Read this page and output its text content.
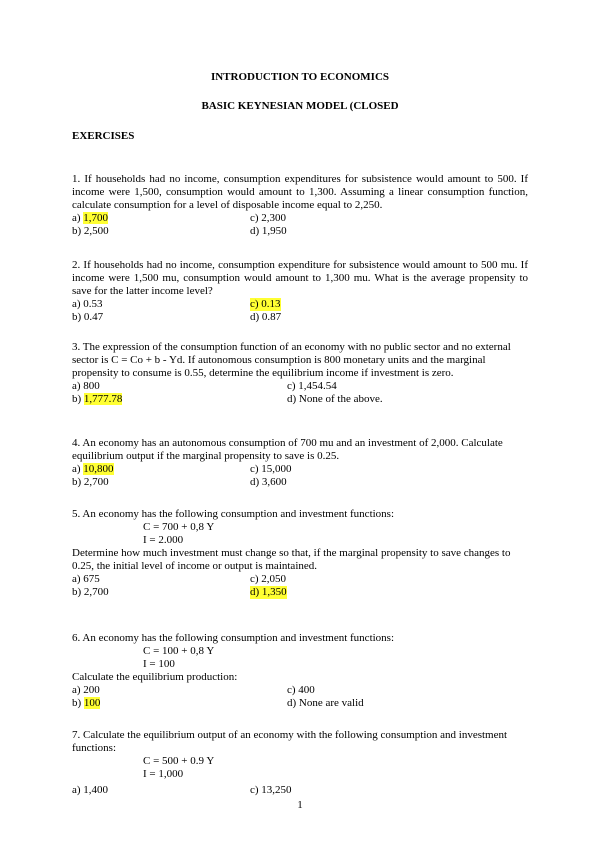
INTRODUCTION TO ECONOMICS
BASIC KEYNESIAN MODEL (CLOSED
EXERCISES

1. If households had no income, consumption expenditures for subsistence would amount to 500. If income were 1,500, consumption would amount to 1,300. Assuming a linear consumption function, calculate consumption for a level of disposable income equal to 2,250.

a) 1,700	c) 2,300
b) 2,500	d) 1,950

2. If households had no income, consumption expenditure for subsistence would amount to 500 mu. If income were 1,500 mu, consumption would amount to 1,300 mu. What is the average propensity to save for the latter income level?

a) 0.53	c) 0.13
b) 0.47	d) 0.87

3. The expression of the consumption function of an economy with no public sector and no external sector is C = Co + b - Yd. If autonomous consumption is 800 monetary units and the marginal propensity to consume is 0.55, determine the equilibrium income if investment is zero.

a) 800	c) 1,454.54
b) 1,777.78	d) None of the above.

4. An economy has an autonomous consumption of 700 mu and an investment of 2,000. Calculate equilibrium output if the marginal propensity to save is 0.25.

a) 10,800	c) 15,000
b) 2,700	d) 3,600

5. An economy has the following consumption and investment functions:

C = 700 + 0,8 Y

I = 2.000

Determine how much investment must change so that, if the marginal propensity to save changes to 0.25, the initial level of income or output is maintained.

a) 675	c) 2,050
b) 2,700	d) 1,350

6. An economy has the following consumption and investment functions:

C = 100 + 0,8 Y

I = 100

Calculate the equilibrium production:

a) 200	c) 400
b) 100	d) None are valid

7. Calculate the equilibrium output of an economy with the following consumption and investment functions:

C = 500 + 0.9 Y

I = 1,000

a) 1,400	c) 13,250
1
